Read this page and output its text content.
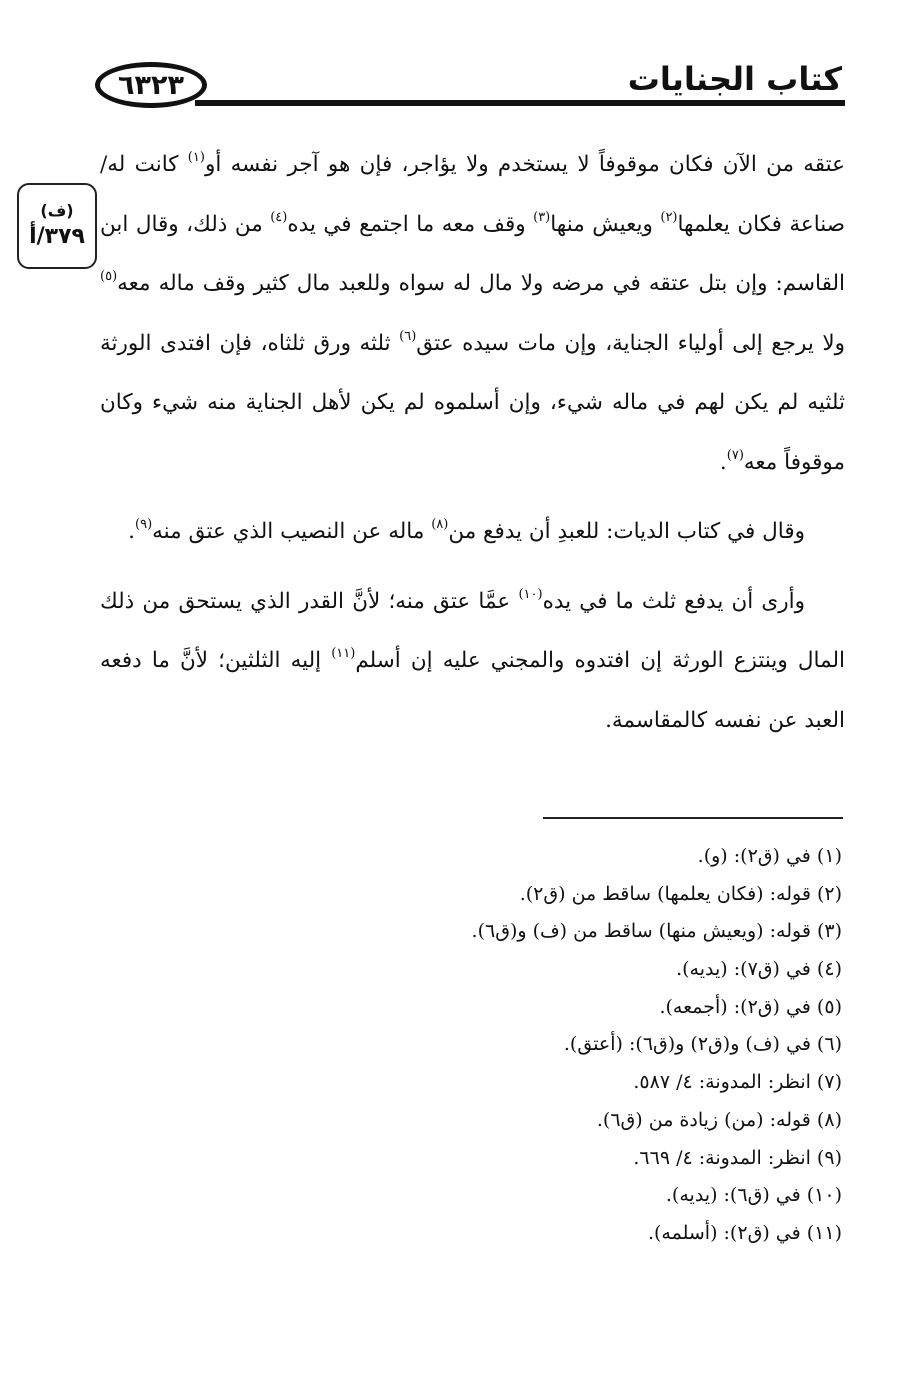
٦٣٢٣	كتاب الجنايات
(ف)
٣٧٩/أ

عتقه من الآن فكان موقوفاً لا يستخدم ولا يؤاجر، فإن هو آجر نفسه أو$^{(١)}$ كانت له/ صناعة فكان يعلمها$^{(٢)}$ ويعيش منها$^{(٣)}$ وقف معه ما اجتمع في يده$^{(٤)}$ من ذلك، وقال ابن القاسم: وإن بتل عتقه في مرضه ولا مال له سواه وللعبد مال كثير وقف ماله معه$^{(٥)}$ ولا يرجع إلى أولياء الجناية، وإن مات سيده عتق$^{(٦)}$ ثلثه ورق ثلثاه، فإن افتدى الورثة ثلثيه لم يكن لهم في ماله شيء، وإن أسلموه لم يكن لأهل الجناية منه شيء وكان موقوفاً معه$^{(٧)}$.

وقال في كتاب الديات: للعبدِ أن يدفع من$^{(٨)}$ ماله عن النصيب الذي عتق منه$^{(٩)}$.

وأرى أن يدفع ثلث ما في يده$^{(١٠)}$ عمَّا عتق منه؛ لأنَّ القدر الذي يستحق من ذلك المال وينتزع الورثة إن افتدوه والمجني عليه إن أسلم$^{(١١)}$ إليه الثلثين؛ لأنَّ ما دفعه العبد عن نفسه كالمقاسمة.

(١) في (ق٢): (و).
(٢) قوله: (فكان يعلمها) ساقط من (ق٢).
(٣) قوله: (ويعيش منها) ساقط من (ف) و(ق٦).
(٤) في (ق٧): (يديه).
(٥) في (ق٢): (أجمعه).
(٦) في (ف) و(ق٢) و(ق٦): (أعتق).
(٧) انظر: المدونة: ٤/ ٥٨٧.
(٨) قوله: (من) زيادة من (ق٦).
(٩) انظر: المدونة: ٤/ ٦٦٩.
(١٠) في (ق٦): (يديه).
(١١) في (ق٢): (أسلمه).
